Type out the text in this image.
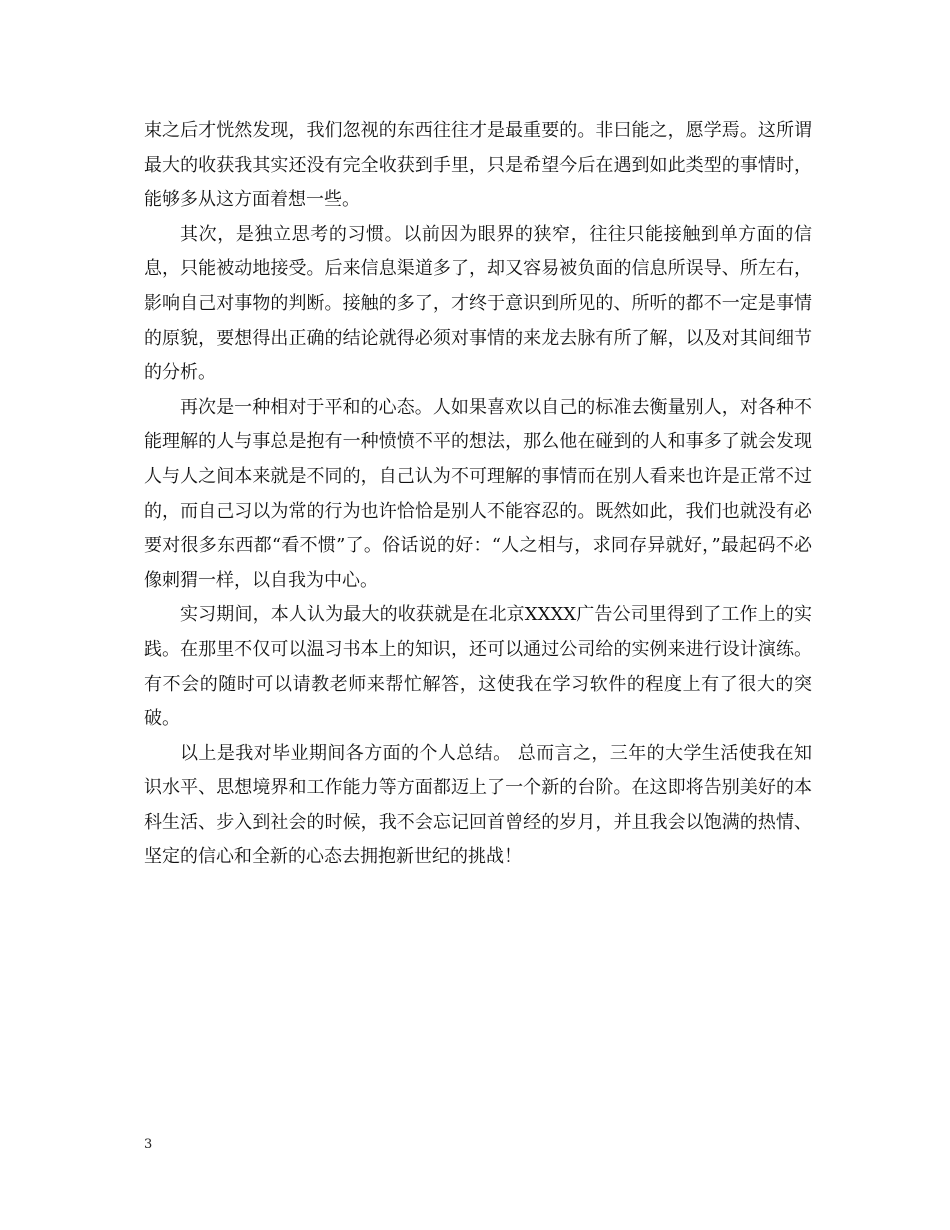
束之后才恍然发现，我们忽视的东西往往才是最重要的。非曰能之，愿学焉。这所谓最大的收获我其实还没有完全收获到手里，只是希望今后在遇到如此类型的事情时，能够多从这方面着想一些。

其次，是独立思考的习惯。以前因为眼界的狭窄，往往只能接触到单方面的信息，只能被动地接受。后来信息渠道多了，却又容易被负面的信息所误导、所左右，影响自己对事物的判断。接触的多了，才终于意识到所见的、所听的都不一定是事情的原貌，要想得出正确的结论就得必须对事情的来龙去脉有所了解，以及对其间细节的分析。

再次是一种相对于平和的心态。人如果喜欢以自己的标准去衡量别人，对各种不能理解的人与事总是抱有一种愤愤不平的想法，那么他在碰到的人和事多了就会发现人与人之间本来就是不同的，自己认为不可理解的事情而在别人看来也许是正常不过的，而自己习以为常的行为也许恰恰是别人不能容忍的。既然如此，我们也就没有必要对很多东西都“看不惯”了。俗话说的好：“人之相与，求同存异就好，”最起码不必像刺猬一样，以自我为中心。

实习期间，本人认为最大的收获就是在北京XXXX广告公司里得到了工作上的实践。在那里不仅可以温习书本上的知识，还可以通过公司给的实例来进行设计演练。有不会的随时可以请教老师来帮忙解答，这使我在学习软件的程度上有了很大的突破。

以上是我对毕业期间各方面的个人总结。 总而言之，三年的大学生活使我在知识水平、思想境界和工作能力等方面都迈上了一个新的台阶。在这即将告别美好的本科生活、步入到社会的时候，我不会忘记回首曾经的岁月，并且我会以饱满的热情、坚定的信心和全新的心态去拥抱新世纪的挑战！

3
